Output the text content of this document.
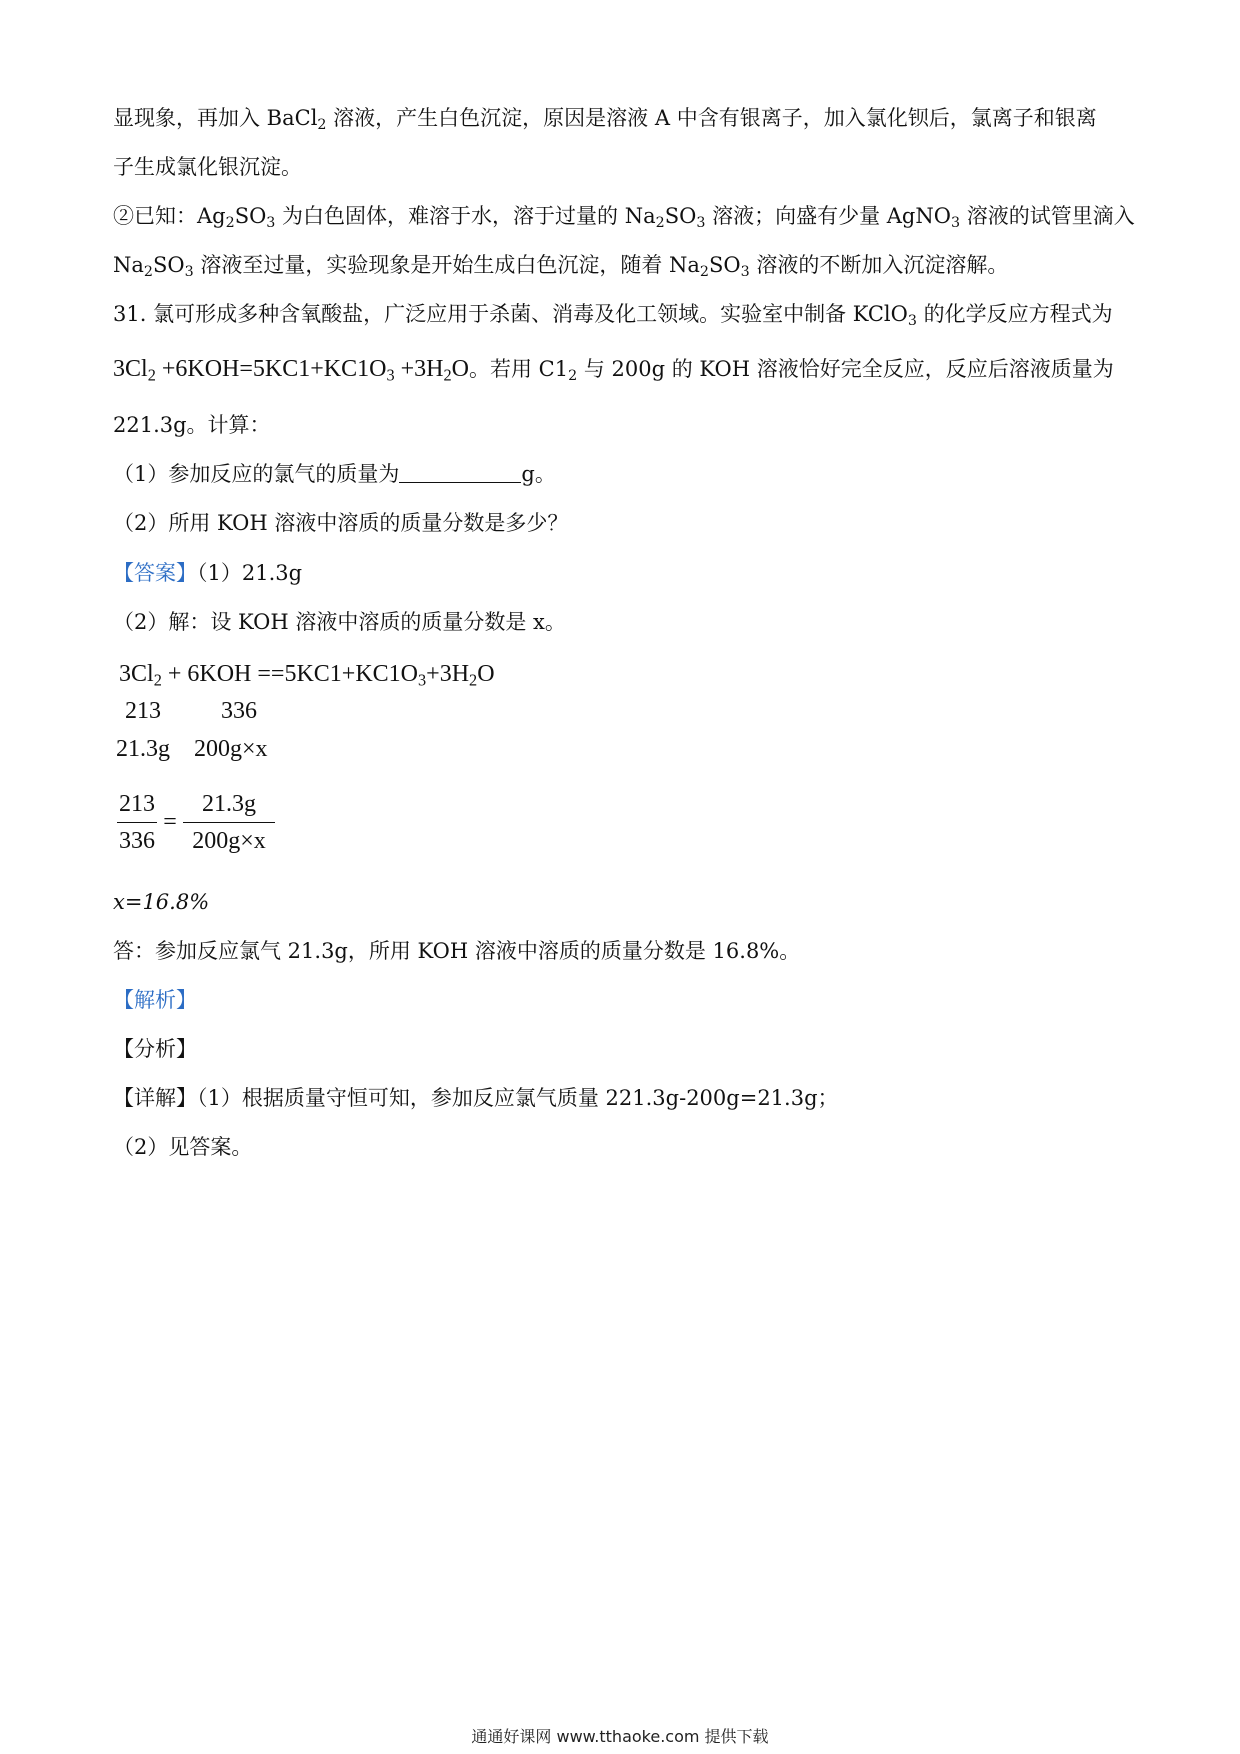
显现象，再加入 BaCl$_2$ 溶液，产生白色沉淀，原因是溶液 A 中含有银离子，加入氯化钡后，氯离子和银离
子生成氯化银沉淀。
②已知：$Ag_2SO_3$ 为白色固体，难溶于水，溶于过量的 $Na_2SO_3$ 溶液；向盛有少量 AgNO$_3$ 溶液的试管里滴入
$Na_2SO_3$ 溶液至过量，实验现象是开始生成白色沉淀，随着 $Na_2SO_3$ 溶液的不断加入沉淀溶解。
31. 氯可形成多种含氧酸盐，广泛应用于杀菌、消毒及化工领域。实验室中制备 KClO$_3$ 的化学反应方程式为
$3Cl_2 +6KOH=5KC1+KC1O_3 +3H_2O$。若用 $C1_2$ 与 200g 的 KOH 溶液恰好完全反应，反应后溶液质量为
221.3g。计算：
（1）参加反应的氯气的质量为	g。
（2）所用 KOH 溶液中溶质的质量分数是多少？
【答案】（1）21.3g
（2）解：设 KOH 溶液中溶质的质量分数是 x。
$3Cl_2 + 6KOH ==5KC1+KC1O_3+3H_2O$
213          336
21.3g    200g×x
213
336
=
21.3g
200g×x
x=16.8%
答：参加反应氯气 21.3g，所用 KOH 溶液中溶质的质量分数是 16.8%。
【解析】
【分析】
【详解】（1）根据质量守恒可知，参加反应氯气质量 221.3g-200g=21.3g；
（2）见答案。
通通好课网 www.tthaoke.com 提供下载
